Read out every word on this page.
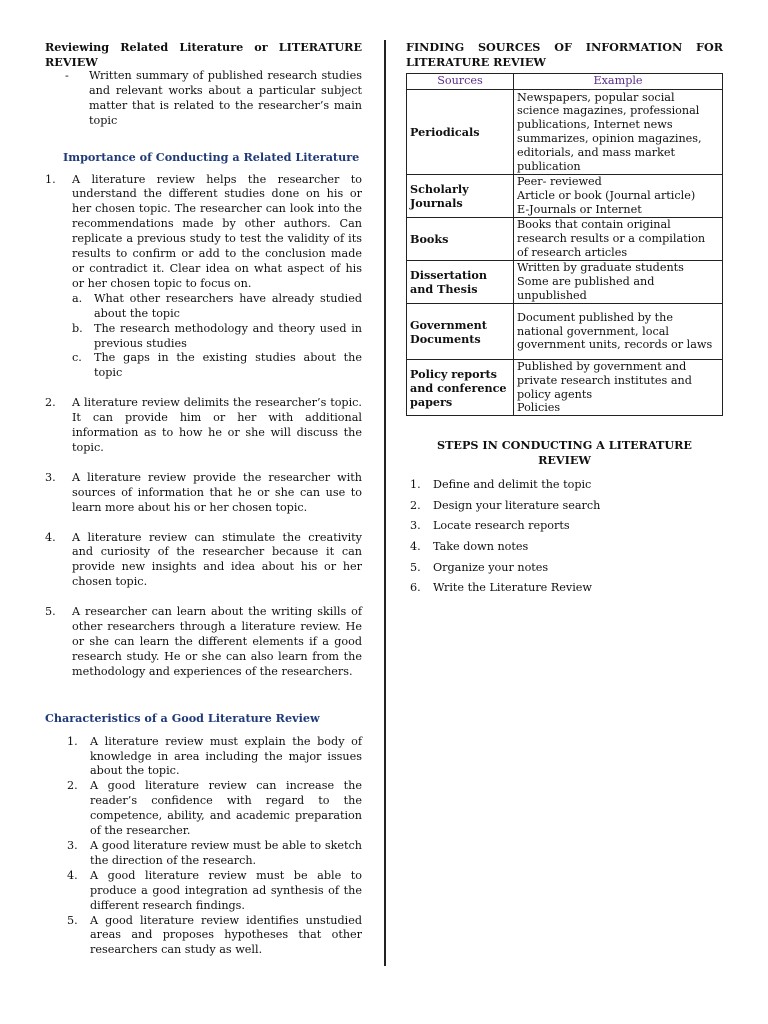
Reviewing Related Literature or LITERATURE REVIEW

-	Written summary of published research studies and relevant works about a particular subject matter that is related to the researcher’s main topic

Importance of Conducting a Related Literature

1.	A literature review helps the researcher to understand the different studies done on his or her chosen topic. The researcher can look into the recommendations made by other authors. Can replicate a previous study to test the validity of its results to confirm or add to the conclusion made or contradict it. Clear idea on what aspect of his or her chosen topic to focus on.
a.	What other researchers have already studied about the topic
b.	The research methodology and theory used in previous studies
c.	The gaps in the existing studies about the topic
2.	A literature review delimits the researcher’s topic. It can provide him or her with additional information as to how he or she will discuss the topic.
3.	A literature review provide the researcher with sources of information that he or she can use to learn more about his or her chosen topic.
4.	A literature review can stimulate the creativity and curiosity of the researcher because it can provide new insights and idea about his or her chosen topic.
5.	A researcher can learn about the writing skills of other researchers through a literature review. He or she can learn the different elements if a good research study. He or she can also learn from the methodology and experiences of the researchers.

Characteristics of a Good Literature Review

1.	A literature review must explain the body of knowledge in area including the major issues about the topic.
2.	A good literature review can increase the reader’s confidence with regard to the competence, ability, and academic preparation of the researcher.
3.	A good literature review must be able to sketch the direction of the research.
4.	A good literature review must be able to produce a good integration ad synthesis of the different research findings.
5.	A good literature review identifies unstudied areas and proposes hypotheses that other researchers can study as well.

FINDING SOURCES OF INFORMATION FOR LITERATURE REVIEW

Sources	Example
Periodicals	Newspapers, popular social science magazines, professional publications, Internet news summarizes, opinion magazines, editorials, and mass market publication
Scholarly Journals	Peer- reviewed
Article or book (Journal article)
E-Journals or Internet

Books	Books that contain original research results or a compilation of research articles
Dissertation and Thesis	Written by graduate students
Some are published and unpublished

Government Documents	Document published by the national government, local government units, records or laws
Policy reports and conference papers	Published by government and private research institutes and policy agents
Policies

STEPS IN CONDUCTING A LITERATURE REVIEW

1.	Define and delimit the topic
2.	Design your literature search
3.	Locate research reports
4.	Take down notes
5.	Organize your notes
6.	Write the Literature Review
